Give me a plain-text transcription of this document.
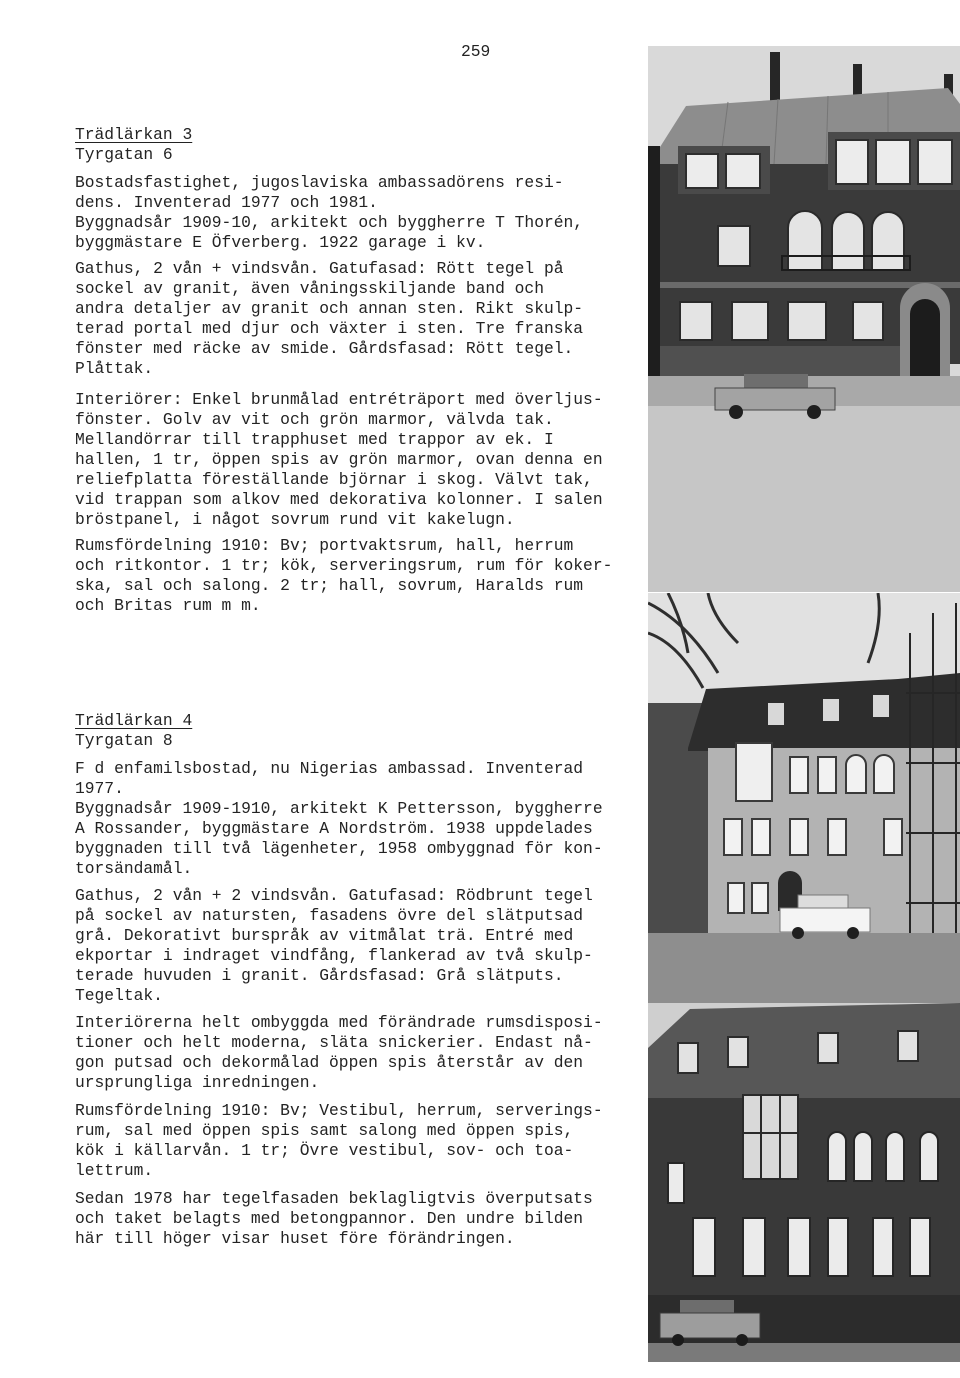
259
Trädlärkan 3
Tyrgatan 6
Bostadsfastighet, jugoslaviska ambassadörens resi-
dens. Inventerad 1977 och 1981.
Byggnadsår 1909-10, arkitekt och byggherre T Thorén,
byggmästare E Öfverberg. 1922 garage i kv.
Gathus, 2 vån + vindsvån. Gatufasad: Rött tegel på
sockel av granit, även våningsskiljande band och
andra detaljer av granit och annan sten. Rikt skulp-
terad portal med djur och växter i sten. Tre franska
fönster med räcke av smide. Gårdsfasad: Rött tegel.
Plåttak.
Interiörer: Enkel brunmålad entréträport med överljus-
fönster. Golv av vit och grön marmor, välvda tak.
Mellandörrar till trapphuset med trappor av ek. I
hallen, 1 tr, öppen spis av grön marmor, ovan denna en
reliefplatta föreställande björnar i skog. Välvt tak,
vid trappan som alkov med dekorativa kolonner. I salen
bröstpanel, i något sovrum rund vit kakelugn.
Rumsfördelning 1910: Bv; portvaktsrum, hall, herrum
och ritkontor. 1 tr; kök, serveringsrum, rum för koker-
ska, sal och salong. 2 tr; hall, sovrum, Haralds rum
och Britas rum m m.
Trädlärkan 4
Tyrgatan 8
F d enfamilsbostad, nu Nigerias ambassad. Inventerad
1977.
Byggnadsår 1909-1910, arkitekt K Pettersson, byggherre
A Rossander, byggmästare A Nordström. 1938 uppdelades
byggnaden till två lägenheter, 1958 ombyggnad för kon-
torsändamål.
Gathus, 2 vån + 2 vindsvån. Gatufasad: Rödbrunt tegel
på sockel av natursten, fasadens övre del slätputsad
grå. Dekorativt burspråk av vitmålat trä. Entré med
ekportar i indraget vindfång, flankerad av två skulp-
terade huvuden i granit. Gårdsfasad: Grå slätputs.
Tegeltak.
Interiörerna helt ombyggda med förändrade rumsdisposi-
tioner och helt moderna, släta snickerier. Endast nå-
gon putsad och dekormålad öppen spis återstår av den
ursprungliga inredningen.
Rumsfördelning 1910: Bv; Vestibul, herrum, serverings-
rum, sal med öppen spis samt salong med öppen spis,
kök i källarvån. 1 tr; Övre vestibul, sov- och toa-
lettrum.
Sedan 1978 har tegelfasaden beklagligtvis överputsats
och taket belagts med betongpannor. Den undre bilden
här till höger visar huset före förändringen.
